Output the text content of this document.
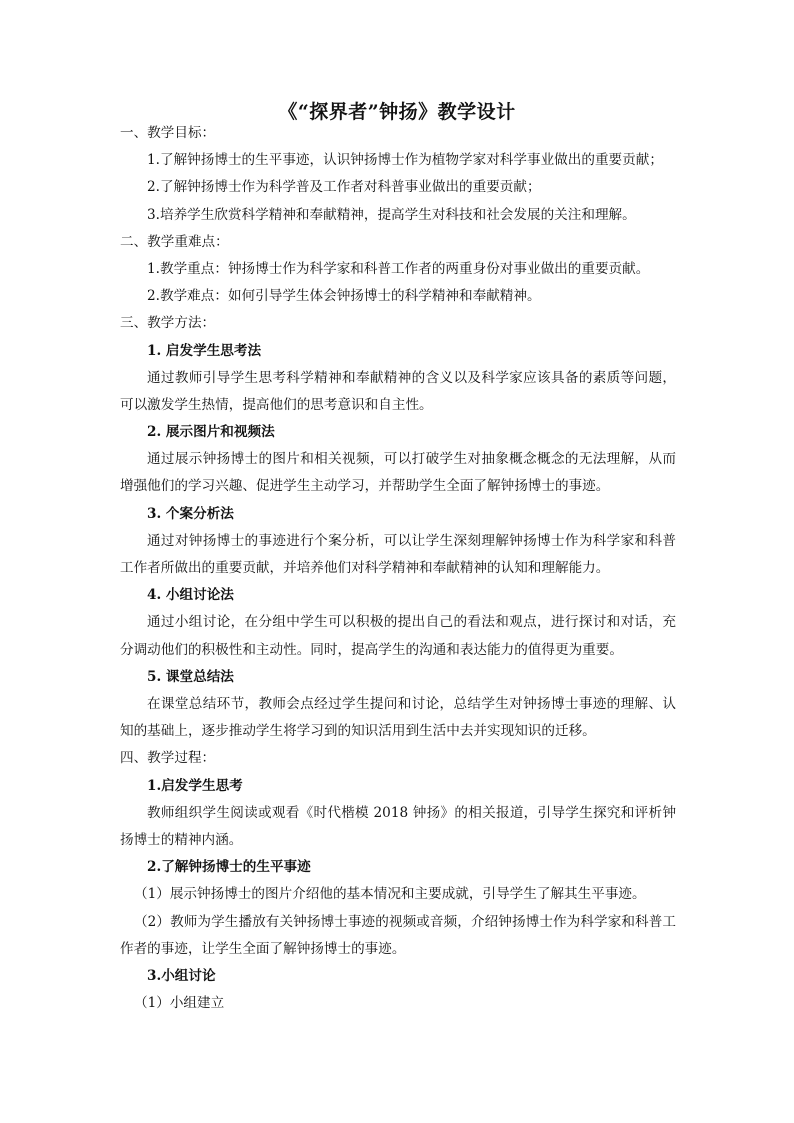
《“探界者”钟扬》教学设计
一、教学目标：
1.了解钟扬博士的生平事迹，认识钟扬博士作为植物学家对科学事业做出的重要贡献；
2.了解钟扬博士作为科学普及工作者对科普事业做出的重要贡献；
3.培养学生欣赏科学精神和奉献精神，提高学生对科技和社会发展的关注和理解。
二、教学重难点：
1.教学重点：钟扬博士作为科学家和科普工作者的两重身份对事业做出的重要贡献。
2.教学难点：如何引导学生体会钟扬博士的科学精神和奉献精神。
三、教学方法：
1. 启发学生思考法
通过教师引导学生思考科学精神和奉献精神的含义以及科学家应该具备的素质等问题，可以激发学生热情，提高他们的思考意识和自主性。
2. 展示图片和视频法
通过展示钟扬博士的图片和相关视频，可以打破学生对抽象概念概念的无法理解，从而增强他们的学习兴趣、促进学生主动学习，并帮助学生全面了解钟扬博士的事迹。
3. 个案分析法
通过对钟扬博士的事迹进行个案分析，可以让学生深刻理解钟扬博士作为科学家和科普工作者所做出的重要贡献，并培养他们对科学精神和奉献精神的认知和理解能力。
4. 小组讨论法
通过小组讨论，在分组中学生可以积极的提出自己的看法和观点，进行探讨和对话，充分调动他们的积极性和主动性。同时，提高学生的沟通和表达能力的值得更为重要。
5. 课堂总结法
在课堂总结环节，教师会点经过学生提问和讨论，总结学生对钟扬博士事迹的理解、认知的基础上，逐步推动学生将学习到的知识活用到生活中去并实现知识的迁移。
四、教学过程：
1.启发学生思考
教师组织学生阅读或观看《时代楷模 2018 钟扬》的相关报道，引导学生探究和评析钟扬博士的精神内涵。
2.了解钟扬博士的生平事迹
（1）展示钟扬博士的图片介绍他的基本情况和主要成就，引导学生了解其生平事迹。
（2）教师为学生播放有关钟扬博士事迹的视频或音频，介绍钟扬博士作为科学家和科普工作者的事迹，让学生全面了解钟扬博士的事迹。
3.小组讨论
（1）小组建立
